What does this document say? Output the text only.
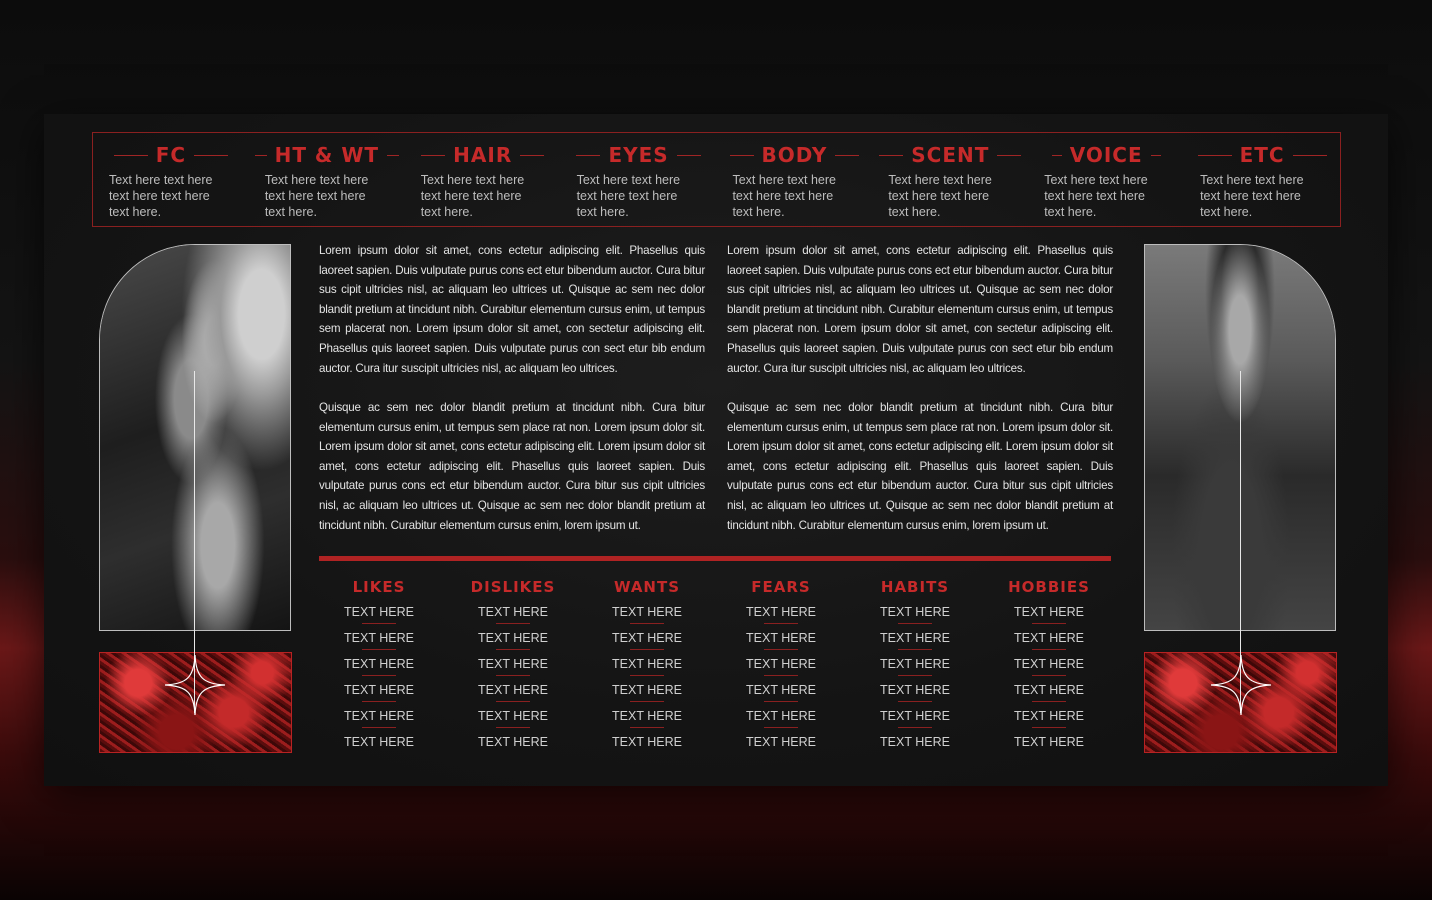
FC
Text here text here text here text here text here.
HT & WT
Text here text here text here text here text here.
HAIR
Text here text here text here text here text here.
EYES
Text here text here text here text here text here.
BODY
Text here text here text here text here text here.
SCENT
Text here text here text here text here text here.
VOICE
Text here text here text here text here text here.
ETC
Text here text here text here text here text here.

Lorem ipsum dolor sit amet, cons ectetur adipiscing elit. Phasellus quis laoreet sapien. Duis vulputate purus cons ect etur bibendum auctor. Cura bitur sus cipit ultricies nisl, ac aliquam leo ultrices ut. Quisque ac sem nec dolor blandit pretium at tincidunt nibh. Curabitur elementum cursus enim, ut tempus sem placerat non. Lorem ipsum dolor sit amet, con sectetur adipiscing elit. Phasellus quis laoreet sapien. Duis vulputate purus con sect etur bib endum auctor. Cura itur suscipit ultricies nisl, ac aliquam leo ultrices.

Quisque ac sem nec dolor blandit pretium at tincidunt nibh. Cura bitur elementum cursus enim, ut tempus sem place rat non. Lorem ipsum dolor sit. Lorem ipsum dolor sit amet, cons ectetur adipiscing elit. Lorem ipsum dolor sit amet, cons ectetur adipiscing elit. Phasellus quis laoreet sapien. Duis vulputate purus cons ect etur bibendum auctor. Cura bitur sus cipit ultricies nisl, ac aliquam leo ultrices ut. Quisque ac sem nec dolor blandit pretium at tincidunt nibh. Curabitur elementum cursus enim, lorem ipsum ut.

Lorem ipsum dolor sit amet, cons ectetur adipiscing elit. Phasellus quis laoreet sapien. Duis vulputate purus cons ect etur bibendum auctor. Cura bitur sus cipit ultricies nisl, ac aliquam leo ultrices ut. Quisque ac sem nec dolor blandit pretium at tincidunt nibh. Curabitur elementum cursus enim, ut tempus sem placerat non. Lorem ipsum dolor sit amet, con sectetur adipiscing elit. Phasellus quis laoreet sapien. Duis vulputate purus con sect etur bib endum auctor. Cura itur suscipit ultricies nisl, ac aliquam leo ultrices.

Quisque ac sem nec dolor blandit pretium at tincidunt nibh. Cura bitur elementum cursus enim, ut tempus sem place rat non. Lorem ipsum dolor sit. Lorem ipsum dolor sit amet, cons ectetur adipiscing elit. Lorem ipsum dolor sit amet, cons ectetur adipiscing elit. Phasellus quis laoreet sapien. Duis vulputate purus cons ect etur bibendum auctor. Cura bitur sus cipit ultricies nisl, ac aliquam leo ultrices ut. Quisque ac sem nec dolor blandit pretium at tincidunt nibh. Curabitur elementum cursus enim, lorem ipsum ut.

LIKES
TEXT HERE
TEXT HERE
TEXT HERE
TEXT HERE
TEXT HERE
TEXT HERE
DISLIKES
TEXT HERE
TEXT HERE
TEXT HERE
TEXT HERE
TEXT HERE
TEXT HERE
WANTS
TEXT HERE
TEXT HERE
TEXT HERE
TEXT HERE
TEXT HERE
TEXT HERE
FEARS
TEXT HERE
TEXT HERE
TEXT HERE
TEXT HERE
TEXT HERE
TEXT HERE
HABITS
TEXT HERE
TEXT HERE
TEXT HERE
TEXT HERE
TEXT HERE
TEXT HERE
HOBBIES
TEXT HERE
TEXT HERE
TEXT HERE
TEXT HERE
TEXT HERE
TEXT HERE
